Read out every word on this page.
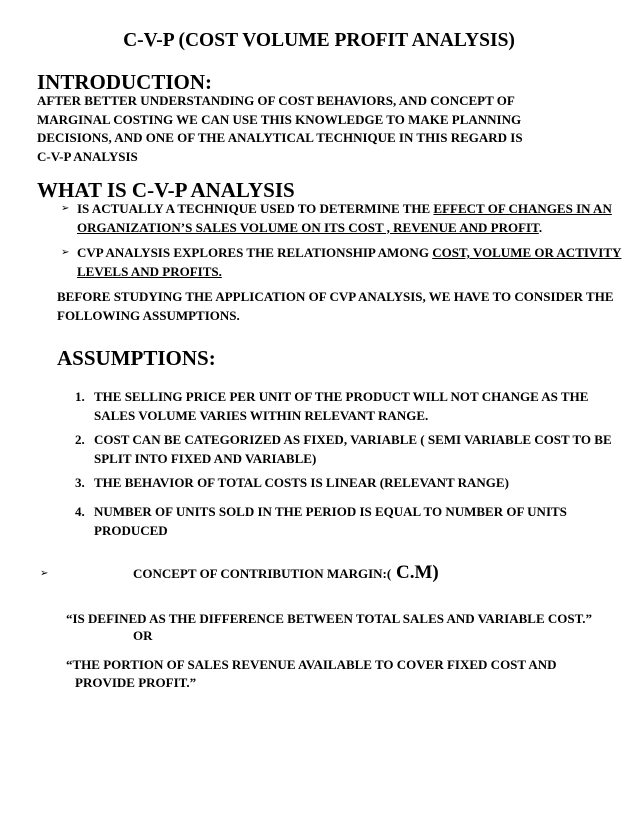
C-V-P (COST VOLUME PROFIT ANALYSIS)
INTRODUCTION:
AFTER BETTER UNDERSTANDING OF COST BEHAVIORS, AND CONCEPT OF
MARGINAL COSTING WE CAN USE THIS KNOWLEDGE TO MAKE PLANNING
DECISIONS, AND ONE OF THE ANALYTICAL TECHNIQUE IN THIS REGARD IS
C-V-P ANALYSIS
WHAT IS C-V-P ANALYSIS
➢ IS ACTUALLY A TECHNIQUE USED TO DETERMINE THE EFFECT OF CHANGES IN AN
ORGANIZATION’S SALES VOLUME ON ITS COST , REVENUE AND PROFIT.
➢ CVP ANALYSIS EXPLORES THE RELATIONSHIP AMONG COST, VOLUME OR ACTIVITY
LEVELS AND PROFITS.
BEFORE STUDYING THE APPLICATION OF CVP ANALYSIS, WE HAVE TO CONSIDER THE
FOLLOWING ASSUMPTIONS.
ASSUMPTIONS:
1. THE SELLING PRICE PER UNIT OF THE PRODUCT WILL NOT CHANGE AS THE
SALES VOLUME VARIES WITHIN RELEVANT RANGE.
2. COST CAN BE CATEGORIZED AS FIXED, VARIABLE ( SEMI VARIABLE COST TO BE
SPLIT INTO FIXED AND VARIABLE)
3. THE BEHAVIOR OF TOTAL COSTS IS LINEAR (RELEVANT RANGE)
4. NUMBER OF UNITS SOLD IN THE PERIOD IS EQUAL TO NUMBER OF UNITS
PRODUCED
➢	CONCEPT OF CONTRIBUTION MARGIN:( C.M)
“IS DEFINED AS THE DIFFERENCE BETWEEN TOTAL SALES AND VARIABLE COST.”
OR
“THE PORTION OF SALES REVENUE AVAILABLE TO COVER FIXED COST AND
PROVIDE PROFIT.”
